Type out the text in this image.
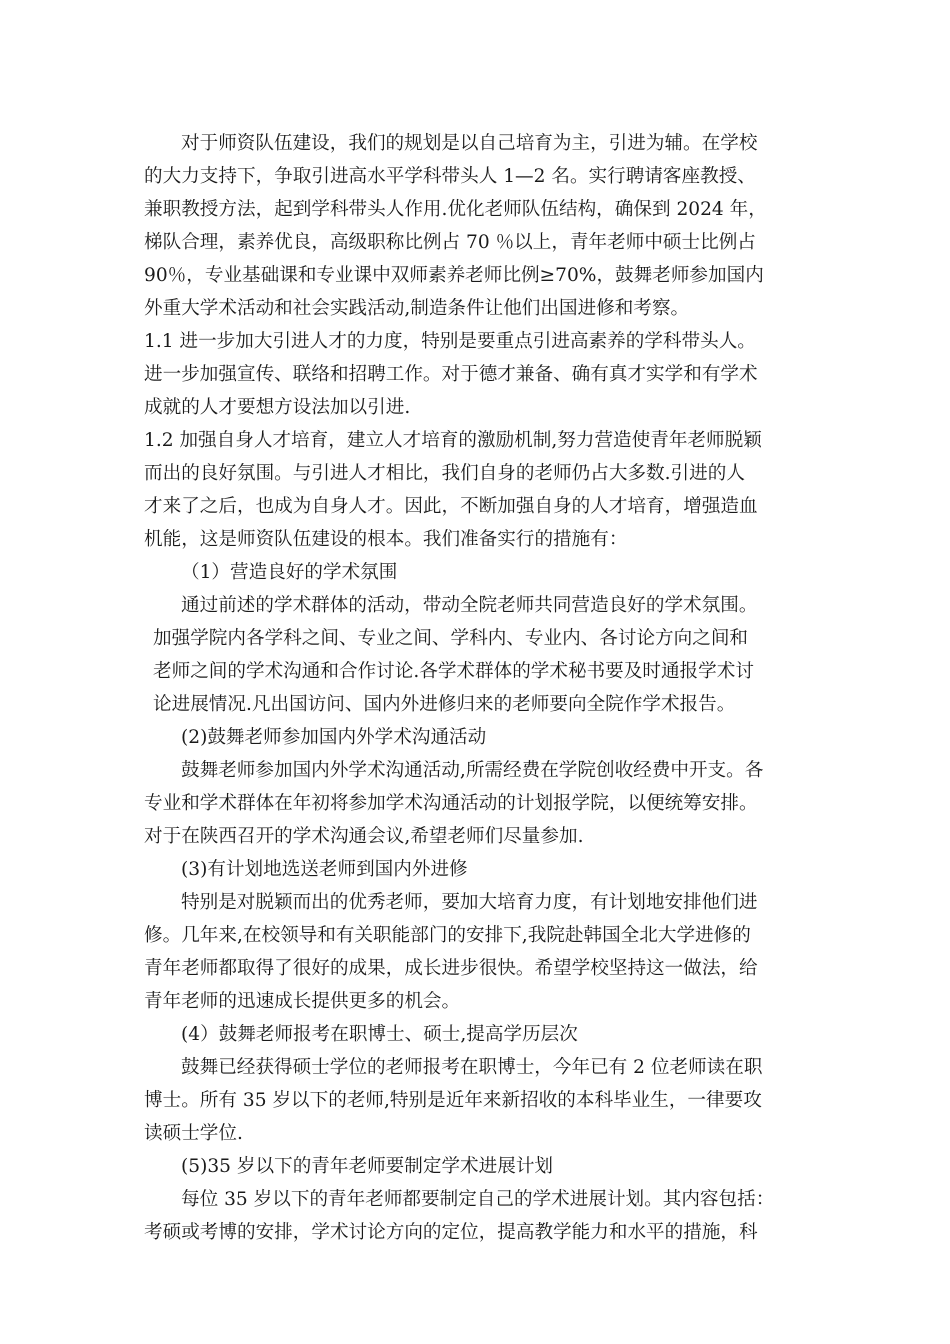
对于师资队伍建设，我们的规划是以自己培育为主，引进为辅。在学校
的大力支持下，争取引进高水平学科带头人 1—2 名。实行聘请客座教授、
兼职教授方法，起到学科带头人作用.优化老师队伍结构，确保到 2024 年，
梯队合理，素养优良，高级职称比例占 70 ％以上，青年老师中硕士比例占
90％，专业基础课和专业课中双师素养老师比例≥70%，鼓舞老师参加国内
外重大学术活动和社会实践活动,制造条件让他们出国进修和考察。
1.1 进一步加大引进人才的力度，特别是要重点引进高素养的学科带头人。
进一步加强宣传、联络和招聘工作。对于德才兼备、确有真才实学和有学术
成就的人才要想方设法加以引进.
1.2 加强自身人才培育，建立人才培育的激励机制,努力营造使青年老师脱颖
而出的良好氛围。与引进人才相比，我们自身的老师仍占大多数.引进的人
才来了之后，也成为自身人才。因此，不断加强自身的人才培育，增强造血
机能，这是师资队伍建设的根本。我们准备实行的措施有：
（1）营造良好的学术氛围
通过前述的学术群体的活动，带动全院老师共同营造良好的学术氛围。
加强学院内各学科之间、专业之间、学科内、专业内、各讨论方向之间和
老师之间的学术沟通和合作讨论.各学术群体的学术秘书要及时通报学术讨
论进展情况.凡出国访问、国内外进修归来的老师要向全院作学术报告。
(2)鼓舞老师参加国内外学术沟通活动
鼓舞老师参加国内外学术沟通活动,所需经费在学院创收经费中开支。各
专业和学术群体在年初将参加学术沟通活动的计划报学院，以便统筹安排。
对于在陕西召开的学术沟通会议,希望老师们尽量参加.
(3)有计划地选送老师到国内外进修
特别是对脱颖而出的优秀老师，要加大培育力度，有计划地安排他们进
修。几年来,在校领导和有关职能部门的安排下,我院赴韩国全北大学进修的
青年老师都取得了很好的成果，成长进步很快。希望学校坚持这一做法，给
青年老师的迅速成长提供更多的机会。
(4）鼓舞老师报考在职博士、硕士,提高学历层次
鼓舞已经获得硕士学位的老师报考在职博士，今年已有 2 位老师读在职
博士。所有 35 岁以下的老师,特别是近年来新招收的本科毕业生，一律要攻
读硕士学位.
(5)35 岁以下的青年老师要制定学术进展计划
每位 35 岁以下的青年老师都要制定自己的学术进展计划。其内容包括：
考硕或考博的安排，学术讨论方向的定位，提高教学能力和水平的措施，科
